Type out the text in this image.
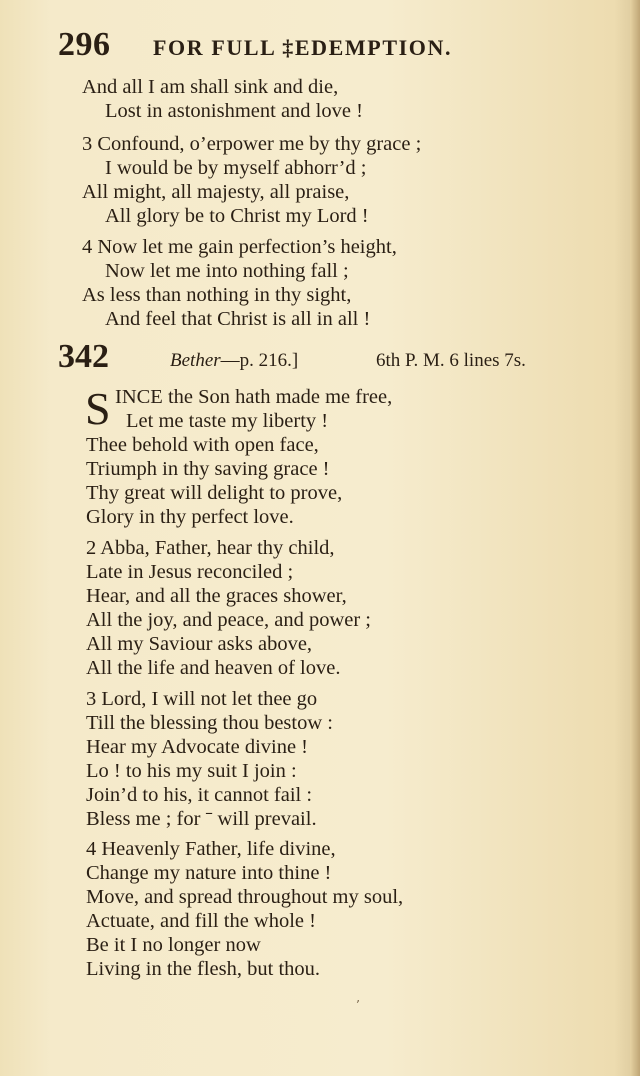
296 FOR FULL ‡EDEMPTION.
And all I am shall sink and die,
Lost in astonishment and love !
3 Confound, o’erpower me by thy grace ;
I would be by myself abhorr’d ;
All might, all majesty, all praise,
All glory be to Christ my Lord !
4 Now let me gain perfection’s height,
Now let me into nothing fall ;
As less than nothing in thy sight,
And feel that Christ is all in all !
342	Bether—p. 216.]	6th P. M. 6 lines 7s.
S INCE the Son hath made me free,
Let me taste my liberty !
Thee behold with open face,
Triumph in thy saving grace !
Thy great will delight to prove,
Glory in thy perfect love.
2 Abba, Father, hear thy child,
Late in Jesus reconciled ;
Hear, and all the graces shower,
All the joy, and peace, and power ;
All my Saviour asks above,
All the life and heaven of love.
3 Lord, I will not let thee go
Till the blessing thou bestow :
Hear my Advocate divine !
Lo ! to his my suit I join :
Join’d to his, it cannot fail :
Bless me ; for ˉ will prevail.
4 Heavenly Father, life divine,
Change my nature into thine !
Move, and spread throughout my soul,
Actuate, and fill the whole !
Be it I no longer now
Living in the flesh, but thou.
’
